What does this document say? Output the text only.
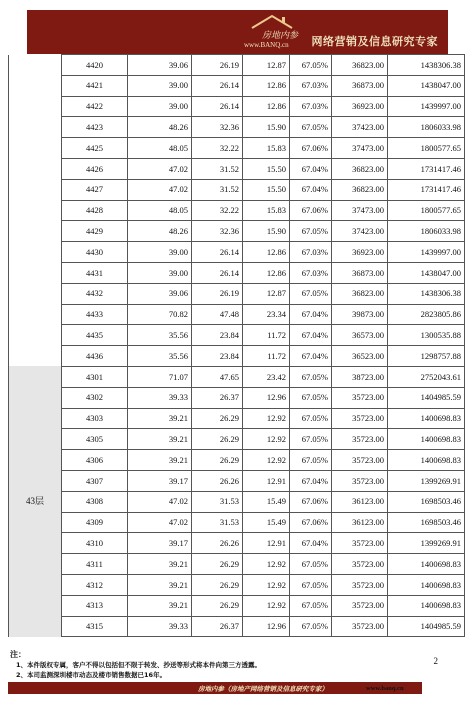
房地内参
www.BANQ.cn 网络营销及信息研究专家
	4420	39.06	26.19	12.87	67.05%	36823.00	1438306.38
	4421	39.00	26.14	12.86	67.03%	36873.00	1438047.00
	4422	39.00	26.14	12.86	67.03%	36923.00	1439997.00
	4423	48.26	32.36	15.90	67.05%	37423.00	1806033.98
	4425	48.05	32.22	15.83	67.06%	37473.00	1800577.65
	4426	47.02	31.52	15.50	67.04%	36823.00	1731417.46
	4427	47.02	31.52	15.50	67.04%	36823.00	1731417.46
	4428	48.05	32.22	15.83	67.06%	37473.00	1800577.65
	4429	48.26	32.36	15.90	67.05%	37423.00	1806033.98
	4430	39.00	26.14	12.86	67.03%	36923.00	1439997.00
	4431	39.00	26.14	12.86	67.03%	36873.00	1438047.00
	4432	39.06	26.19	12.87	67.05%	36823.00	1438306.38
	4433	70.82	47.48	23.34	67.04%	39873.00	2823805.86
	4435	35.56	23.84	11.72	67.04%	36573.00	1300535.88
	4436	35.56	23.84	11.72	67.04%	36523.00	1298757.88
43层	4301	71.07	47.65	23.42	67.05%	38723.00	2752043.61
	4302	39.33	26.37	12.96	67.05%	35723.00	1404985.59
	4303	39.21	26.29	12.92	67.05%	35723.00	1400698.83
	4305	39.21	26.29	12.92	67.05%	35723.00	1400698.83
	4306	39.21	26.29	12.92	67.05%	35723.00	1400698.83
	4307	39.17	26.26	12.91	67.04%	35723.00	1399269.91
	4308	47.02	31.53	15.49	67.06%	36123.00	1698503.46
	4309	47.02	31.53	15.49	67.06%	36123.00	1698503.46
	4310	39.17	26.26	12.91	67.04%	35723.00	1399269.91
	4311	39.21	26.29	12.92	67.05%	35723.00	1400698.83
	4312	39.21	26.29	12.92	67.05%	35723.00	1400698.83
	4313	39.21	26.29	12.92	67.05%	35723.00	1400698.83
	4315	39.33	26.37	12.96	67.05%	35723.00	1404985.59
注：
1、本件版权专属，客户不得以包括但不限于转发、抄送等形式将本件向第三方透露。
2、本司监测深圳楼市动态及楼市销售数据已16年。
2
房地内参（房地产网络营销及信息研究专家）	www.banq.cn
